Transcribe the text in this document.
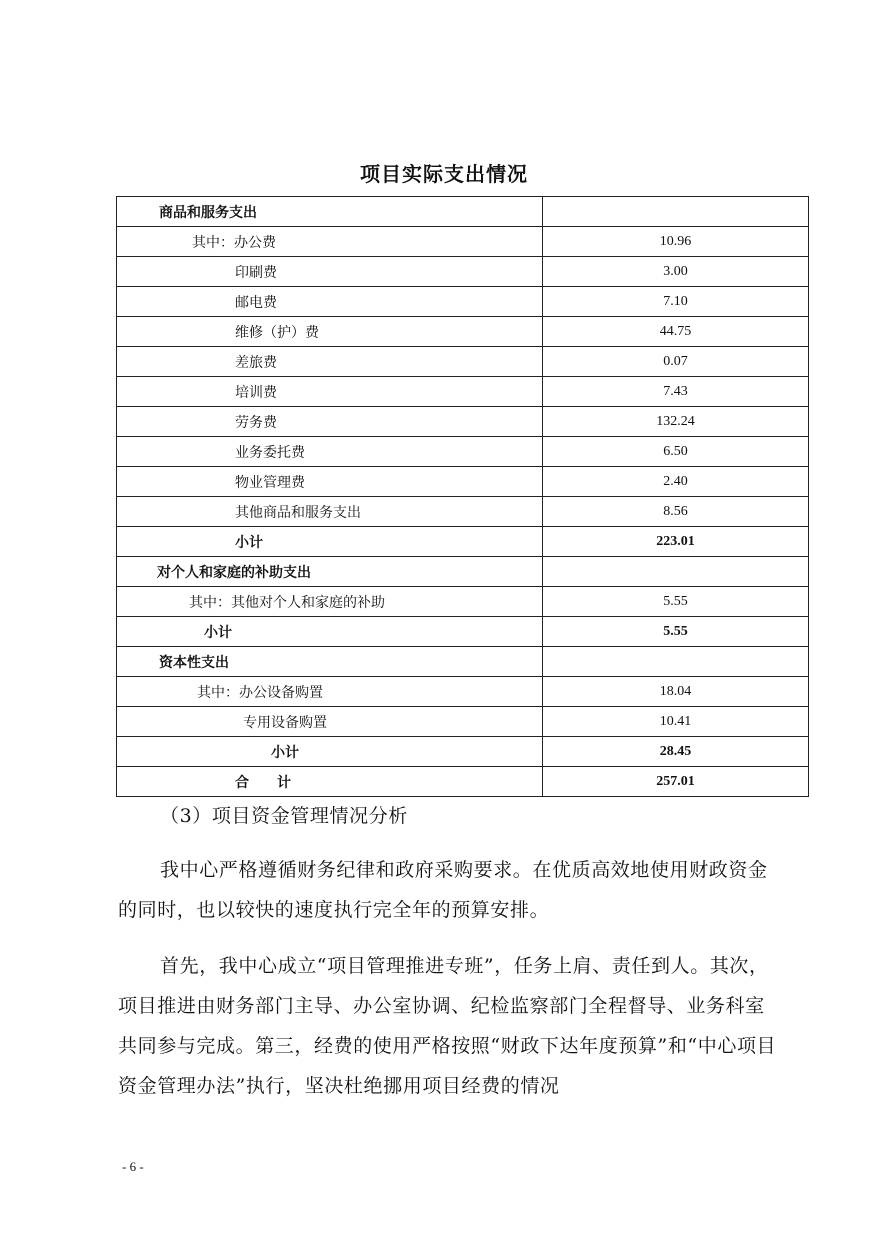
项目实际支出情况
商品和服务支出	
其中：办公费	10.96
印刷费	3.00
邮电费	7.10
维修（护）费	44.75
差旅费	0.07
培训费	7.43
劳务费	132.24
业务委托费	6.50
物业管理费	2.40
其他商品和服务支出	8.56
小计	223.01
对个人和家庭的补助支出	
其中：其他对个人和家庭的补助	5.55
小计	5.55
资本性支出	
其中：办公设备购置	18.04
专用设备购置	10.41
小计	28.45
合　　计	257.01

（3）项目资金管理情况分析

我中心严格遵循财务纪律和政府采购要求。在优质高效地使用财政资金的同时，也以较快的速度执行完全年的预算安排。

首先，我中心成立“项目管理推进专班”，任务上肩、责任到人。其次，项目推进由财务部门主导、办公室协调、纪检监察部门全程督导、业务科室共同参与完成。第三，经费的使用严格按照“财政下达年度预算”和“中心项目资金管理办法”执行，坚决杜绝挪用项目经费的情况

- 6 -
